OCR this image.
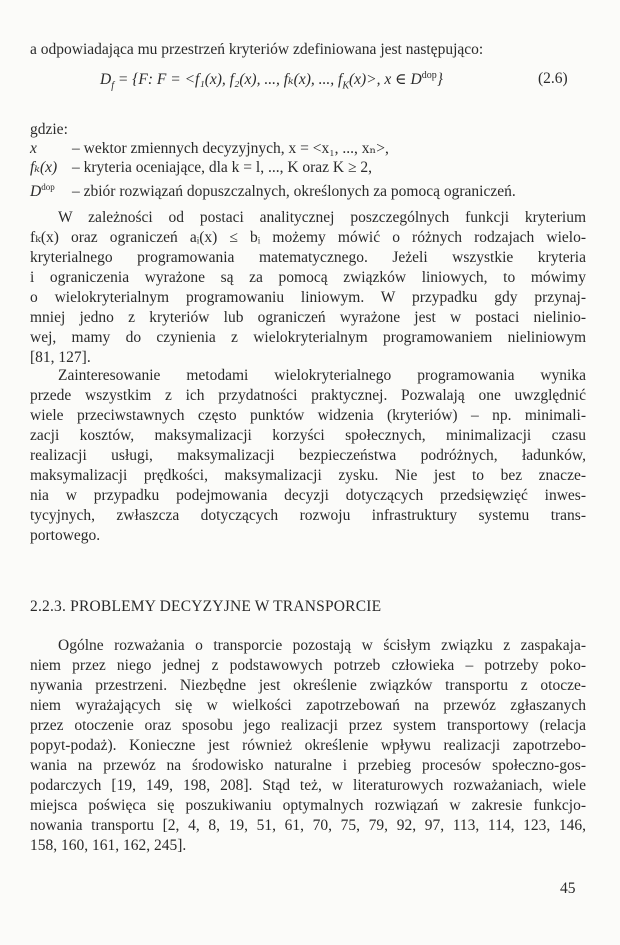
a odpowiadająca mu przestrzeń kryteriów zdefiniowana jest następująco:
$D_f = \{F$: F = <f₁(x), f₂(x), ..., fₖ(x), ..., $f_K(x)>$, x ∈ $D^{dop}$}	(2.6)
gdzie:
x – wektor zmiennych decyzyjnych, x = <x₁, ..., xₙ>,
fₖ(x) – kryteria oceniające, dla k = l, ..., K oraz K ≥ 2,
$D^{dop}$ – zbiór rozwiązań dopuszczalnych, określonych za pomocą ograniczeń.
W zależności od postaci analitycznej poszczególnych funkcji kryterium
fₖ(x) oraz ograniczeń aᵢ(x) ≤ bᵢ możemy mówić o różnych rodzajach wielo-
kryterialnego programowania matematycznego. Jeżeli wszystkie kryteria
i ograniczenia wyrażone są za pomocą związków liniowych, to mówimy
o wielokryterialnym programowaniu liniowym. W przypadku gdy przynaj-
mniej jedno z kryteriów lub ograniczeń wyrażone jest w postaci nielinio-
wej, mamy do czynienia z wielokryterialnym programowaniem nieliniowym
[81, 127].
Zainteresowanie metodami wielokryterialnego programowania wynika
przede wszystkim z ich przydatności praktycznej. Pozwalają one uwzględnić
wiele przeciwstawnych często punktów widzenia (kryteriów) – np. minimali-
zacji kosztów, maksymalizacji korzyści społecznych, minimalizacji czasu
realizacji usługi, maksymalizacji bezpieczeństwa podróżnych, ładunków,
maksymalizacji prędkości, maksymalizacji zysku. Nie jest to bez znacze-
nia w przypadku podejmowania decyzji dotyczących przedsięwzięć inwes-
tycyjnych, zwłaszcza dotyczących rozwoju infrastruktury systemu trans-
portowego.
2.2.3. PROBLEMY DECYZYJNE W TRANSPORCIE
Ogólne rozważania o transporcie pozostają w ścisłym związku z zaspakaja-
niem przez niego jednej z podstawowych potrzeb człowieka – potrzeby poko-
nywania przestrzeni. Niezbędne jest określenie związków transportu z otocze-
niem wyrażających się w wielkości zapotrzebowań na przewóz zgłaszanych
przez otoczenie oraz sposobu jego realizacji przez system transportowy (relacja
popyt-podaż). Konieczne jest również określenie wpływu realizacji zapotrzebo-
wania na przewóz na środowisko naturalne i przebieg procesów społeczno-gos-
podarczych [19, 149, 198, 208]. Stąd też, w literaturowych rozważaniach, wiele
miejsca poświęca się poszukiwaniu optymalnych rozwiązań w zakresie funkcjo-
nowania transportu [2, 4, 8, 19, 51, 61, 70, 75, 79, 92, 97, 113, 114, 123, 146,
158, 160, 161, 162, 245].
45
